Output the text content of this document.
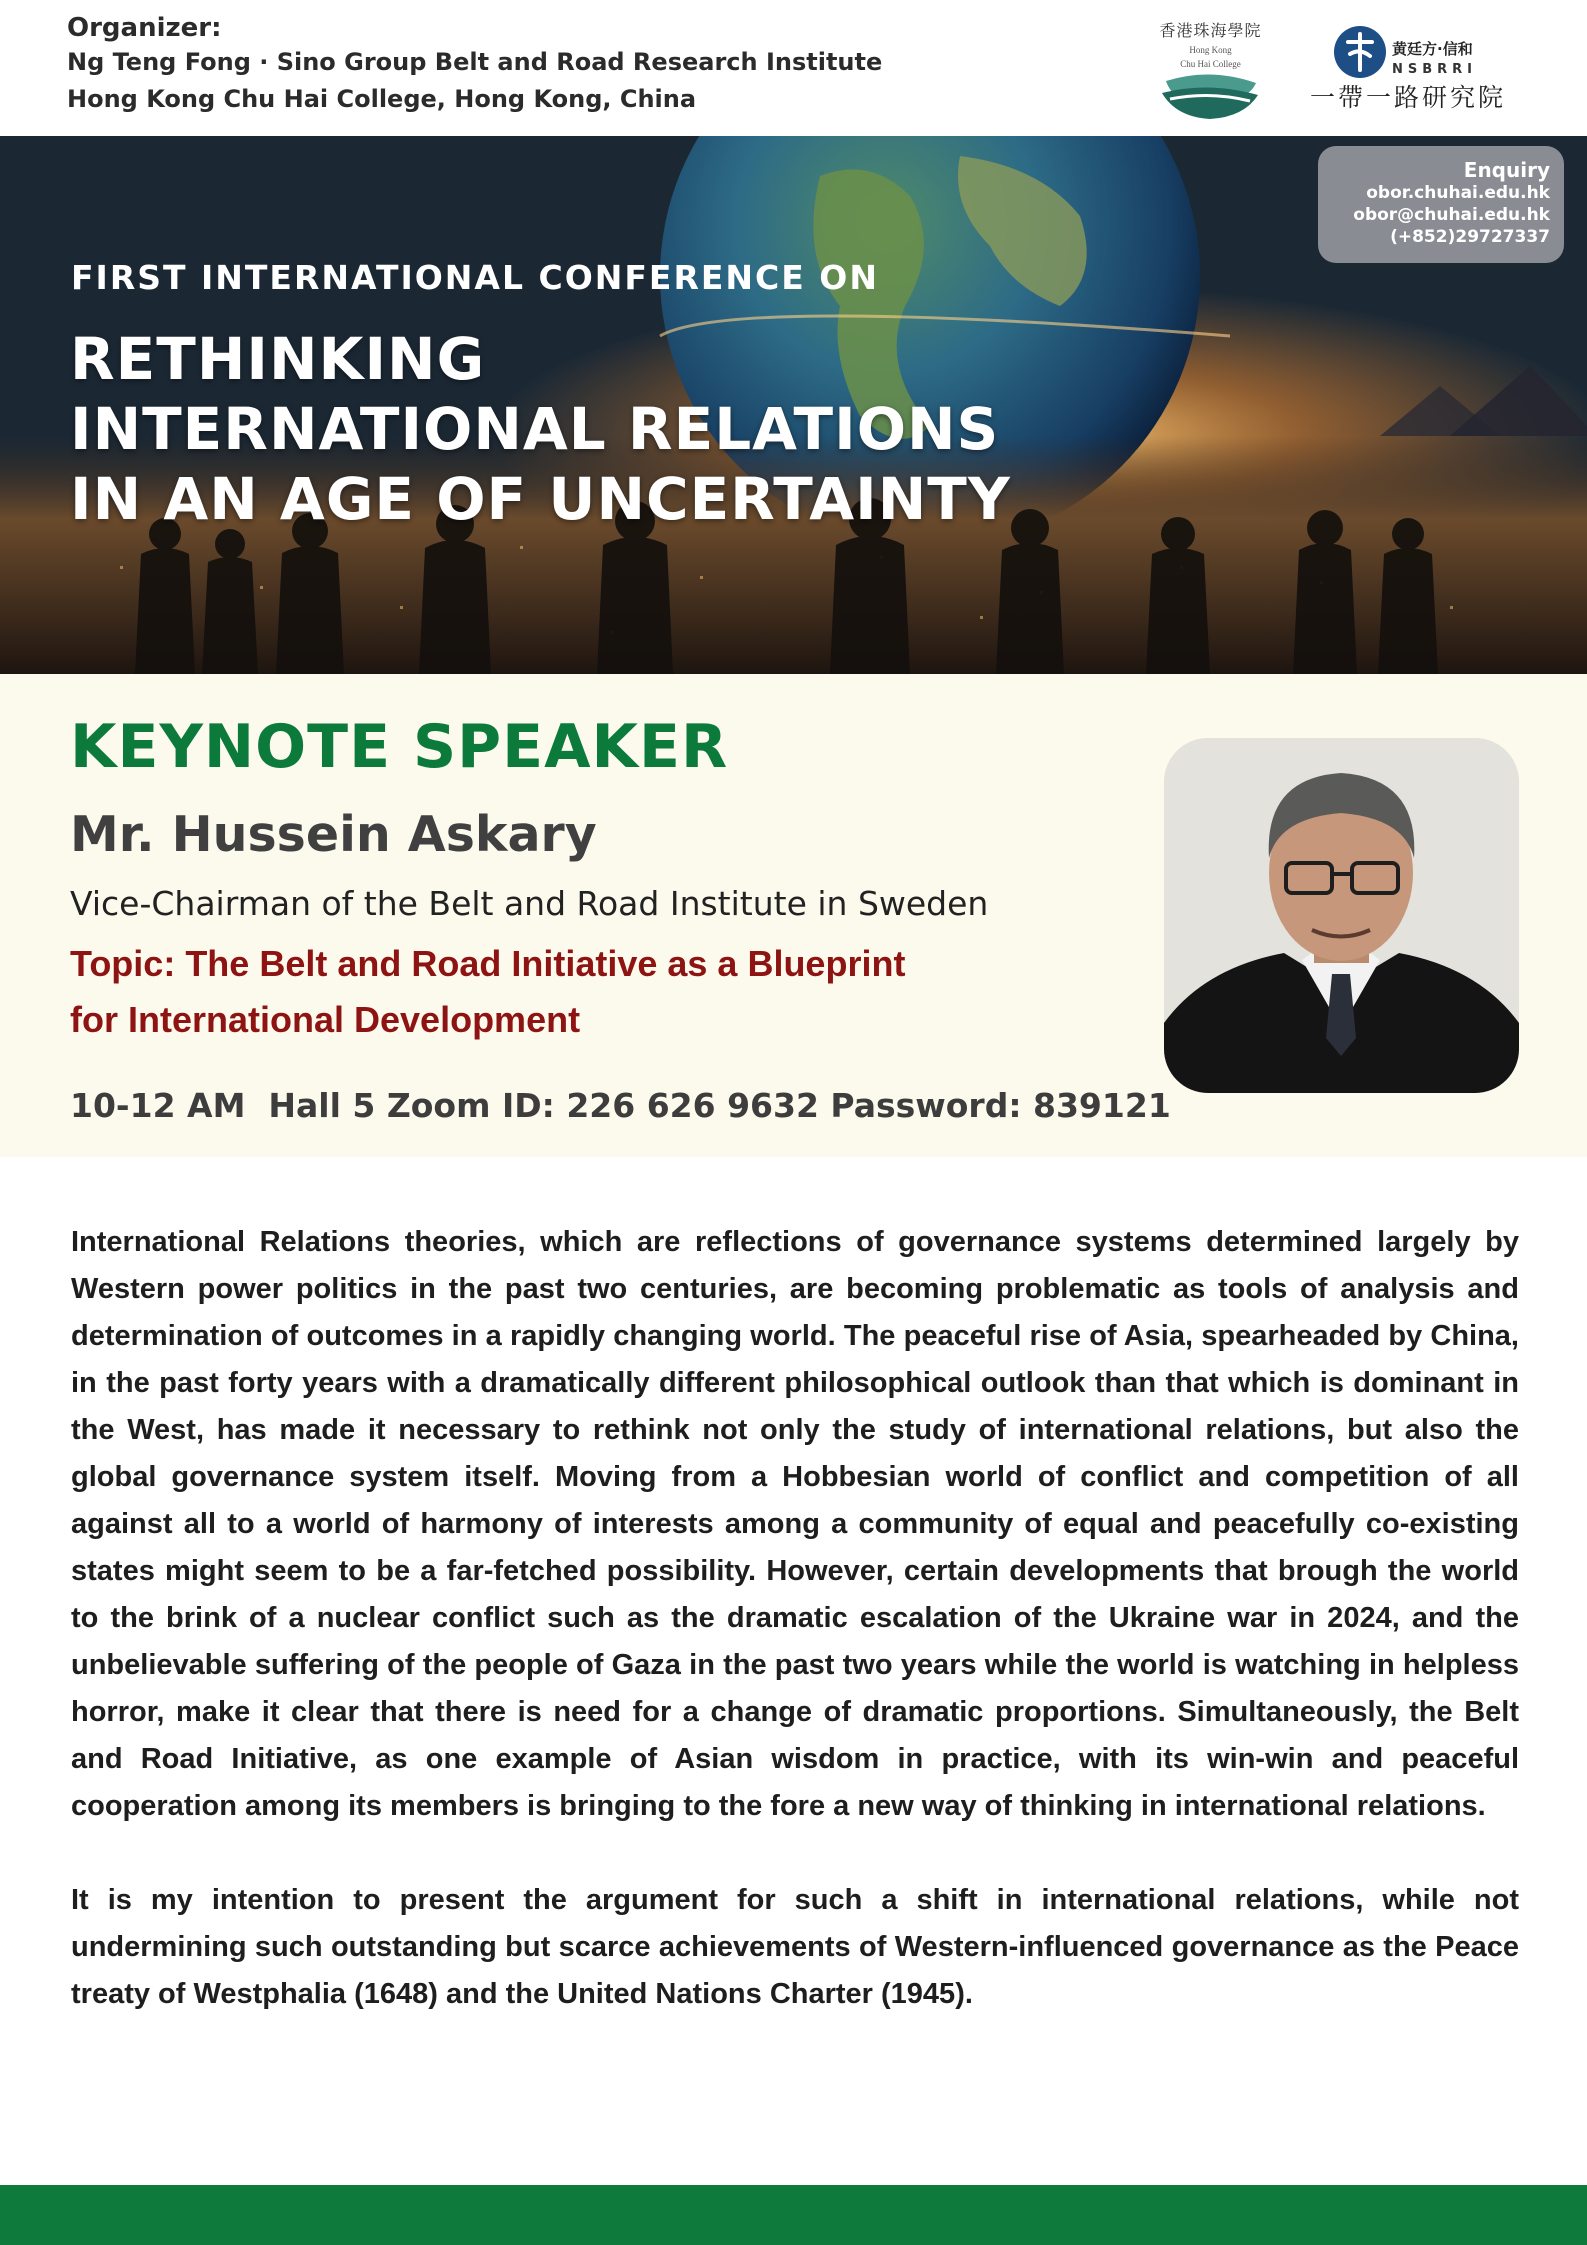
Organizer:
Ng Teng Fong · Sino Group Belt and Road Research Institute
Hong Kong Chu Hai College, Hong Kong, China
香港珠海學院
Hong Kong
Chu Hai College
黄廷方·信和
NSBRRI
一帶一路研究院
Enquiry
obor.chuhai.edu.hk
obor@chuhai.edu.hk
(+852)29727337
FIRST INTERNATIONAL CONFERENCE ON
RETHINKING
INTERNATIONAL RELATIONS
IN AN AGE OF UNCERTAINTY
KEYNOTE SPEAKER
Mr. Hussein Askary
Vice-Chairman of the Belt and Road Institute in Sweden
Topic: The Belt and Road Initiative as a Blueprint
for International Development
10-12 AM  Hall 5 Zoom ID: 226 626 9632 Password: 839121

International Relations theories, which are reflections of governance systems determined largely by Western power politics in the past two centuries, are becoming problematic as tools of analysis and determination of outcomes in a rapidly changing world. The peaceful rise of Asia, spearheaded by China, in the past forty years with a dramatically different philosophical outlook than that which is dominant in the West, has made it necessary to rethink not only the study of international relations, but also the global governance system itself. Moving from a Hobbesian world of conflict and competition of all against all to a world of harmony of interests among a community of equal and peacefully co-existing states might seem to be a far-fetched possibility. However, certain developments that brough the world to the brink of a nuclear conflict such as the dramatic escalation of the Ukraine war in 2024, and the unbelievable suffering of the people of Gaza in the past two years while the world is watching in helpless horror, make it clear that there is need for a change of dramatic proportions. Simultaneously, the Belt and Road Initiative, as one example of Asian wisdom in practice, with its win-win and peaceful cooperation among its members is bringing to the fore a new way of thinking in international relations.

It is my intention to present the argument for such a shift in international relations, while not undermining such outstanding but scarce achievements of Western-influenced governance as the Peace treaty of Westphalia (1648) and the United Nations Charter (1945).
